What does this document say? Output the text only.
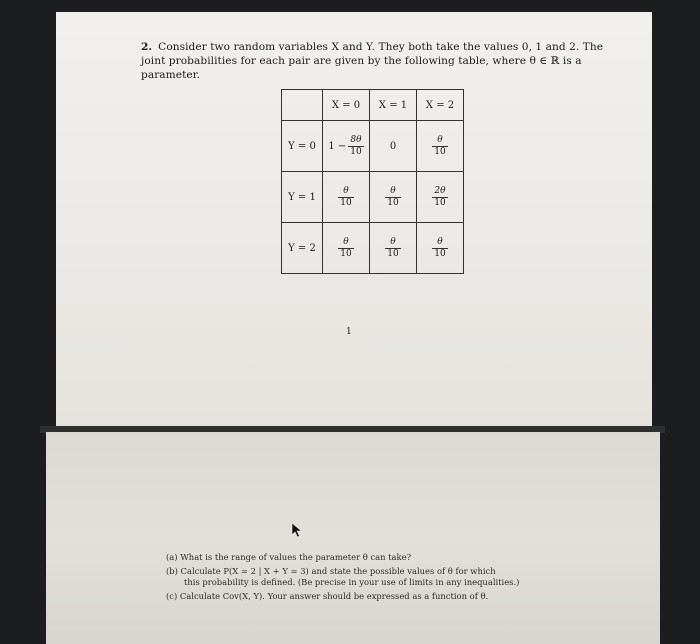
2. Consider two random variables X and Y. They both take the values 0, 1 and 2. The joint probabilities for each pair are given by the following table, where θ ∈ ℝ is a parameter.
	X = 0	X = 1	X = 2
Y = 0	$1 - \frac{8\theta}{10}$	0	$\frac{\theta}{10}$

Y = 1	$\frac{\theta}{10}$	$\frac{\theta}{10}$	$\frac{2\theta}{10}$

Y = 2	$\frac{\theta}{10}$	$\frac{\theta}{10}$	$\frac{\theta}{10}$
1
(a) What is the range of values the parameter θ can take?
(b) Calculate P(X = 2 | X + Y = 3) and state the possible values of θ for which
this probability is defined. (Be precise in your use of limits in any inequalities.)
(c) Calculate Cov(X, Y). Your answer should be expressed as a function of θ.
